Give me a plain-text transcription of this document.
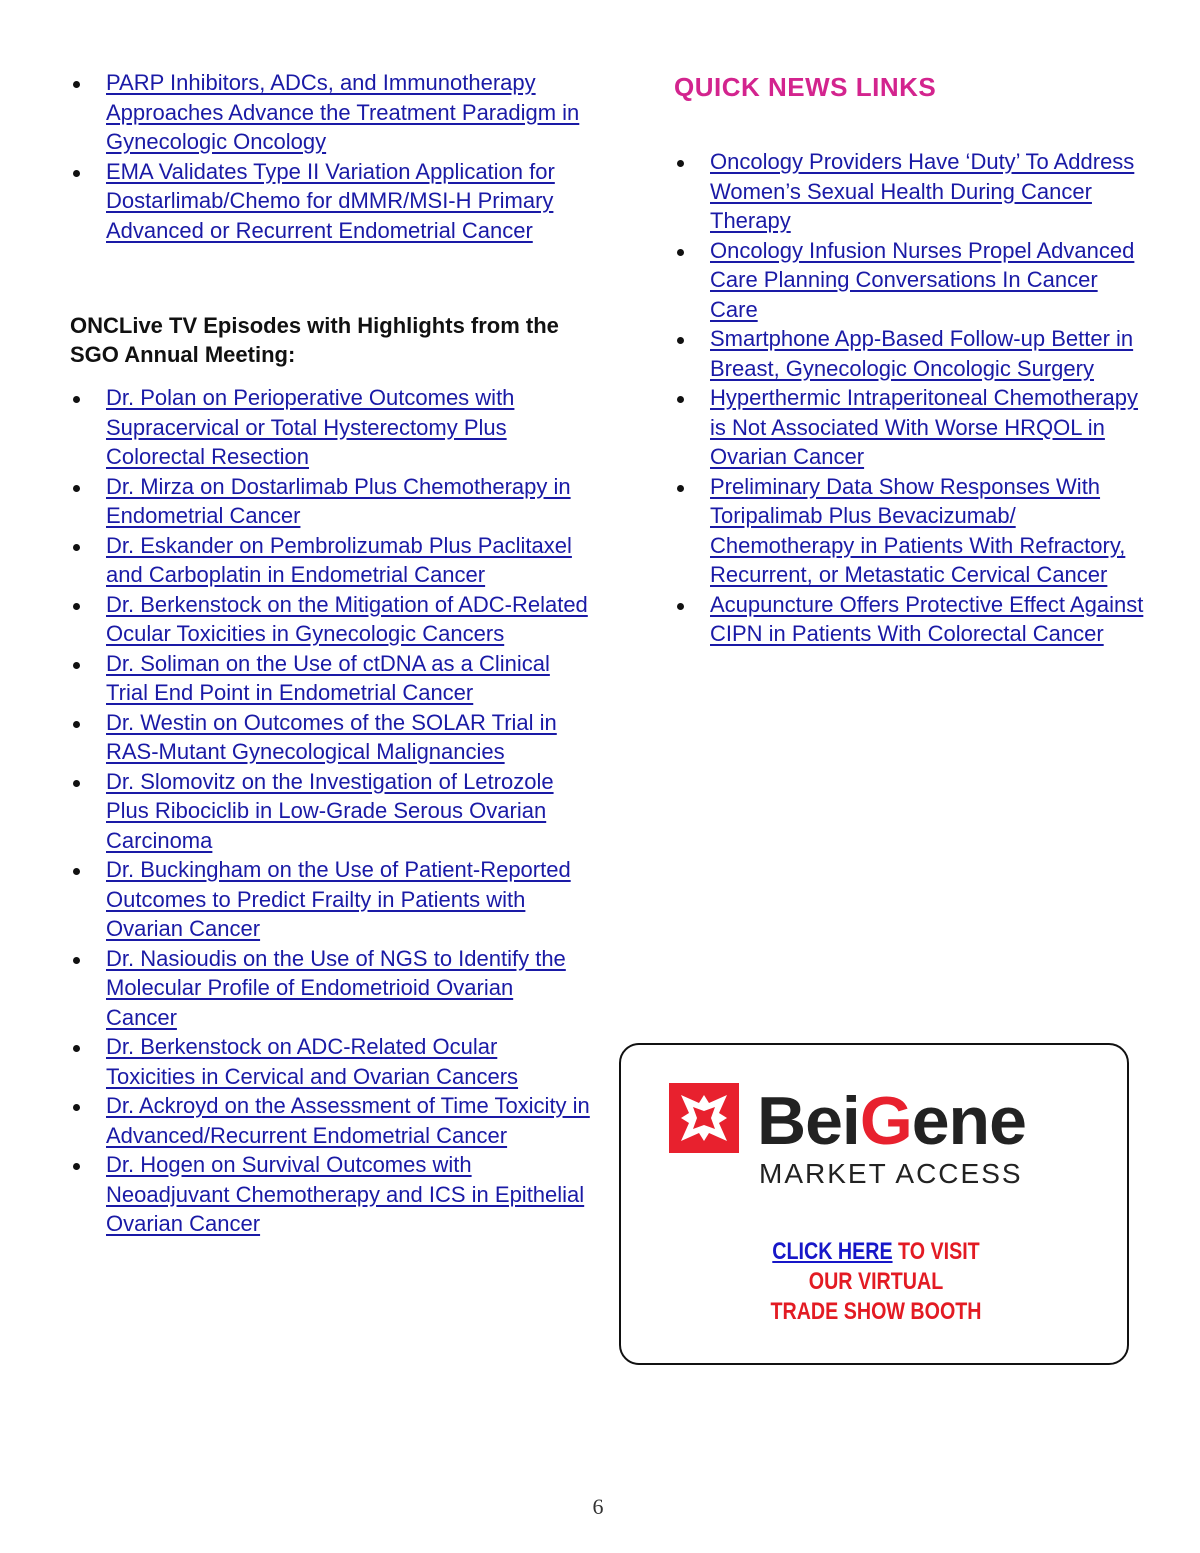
PARP Inhibitors, ADCs, and Immunotherapy Approaches Advance the Treatment Paradigm in Gynecologic Oncology
EMA Validates Type II Variation Application for Dostarlimab/Chemo for dMMR/MSI-H Primary Advanced or Recurrent Endometrial Cancer
ONCLive TV Episodes with Highlights from the SGO Annual Meeting:
Dr. Polan on Perioperative Outcomes with Supracervical or Total Hysterectomy Plus Colorectal Resection
Dr. Mirza on Dostarlimab Plus Chemotherapy in Endometrial Cancer
Dr. Eskander on Pembrolizumab Plus Paclitaxel and Carboplatin in Endometrial Cancer
Dr. Berkenstock on the Mitigation of ADC-Related Ocular Toxicities in Gynecologic Cancers
Dr. Soliman on the Use of ctDNA as a Clinical Trial End Point in Endometrial Cancer
Dr. Westin on Outcomes of the SOLAR Trial in RAS-Mutant Gynecological Malignancies
Dr. Slomovitz on the Investigation of Letrozole Plus Ribociclib in Low-Grade Serous Ovarian Carcinoma
Dr. Buckingham on the Use of Patient-Reported Outcomes to Predict Frailty in Patients with Ovarian Cancer
Dr. Nasioudis on the Use of NGS to Identify the Molecular Profile of Endometrioid Ovarian Cancer
Dr. Berkenstock on ADC-Related Ocular Toxicities in Cervical and Ovarian Cancers
Dr. Ackroyd on the Assessment of Time Toxicity in Advanced/Recurrent Endometrial Cancer
Dr. Hogen on Survival Outcomes with Neoadjuvant Chemotherapy and ICS in Epithelial Ovarian Cancer
QUICK NEWS LINKS
Oncology Providers Have ‘Duty’ To Address Women’s Sexual Health During Cancer Therapy
Oncology Infusion Nurses Propel Advanced Care Planning Conversations In Cancer Care
Smartphone App-Based Follow-up Better in Breast, Gynecologic Oncologic Surgery
Hyperthermic Intraperitoneal Chemotherapy is Not Associated With Worse HRQOL in Ovarian Cancer
Preliminary Data Show Responses With Toripalimab Plus Bevacizumab/ Chemotherapy in Patients With Refractory, Recurrent, or Metastatic Cervical Cancer
Acupuncture Offers Protective Effect Against CIPN in Patients With Colorectal Cancer
BeiGene
MARKET ACCESS
CLICK HERE TO VISIT
OUR VIRTUAL
TRADE SHOW BOOTH
6
